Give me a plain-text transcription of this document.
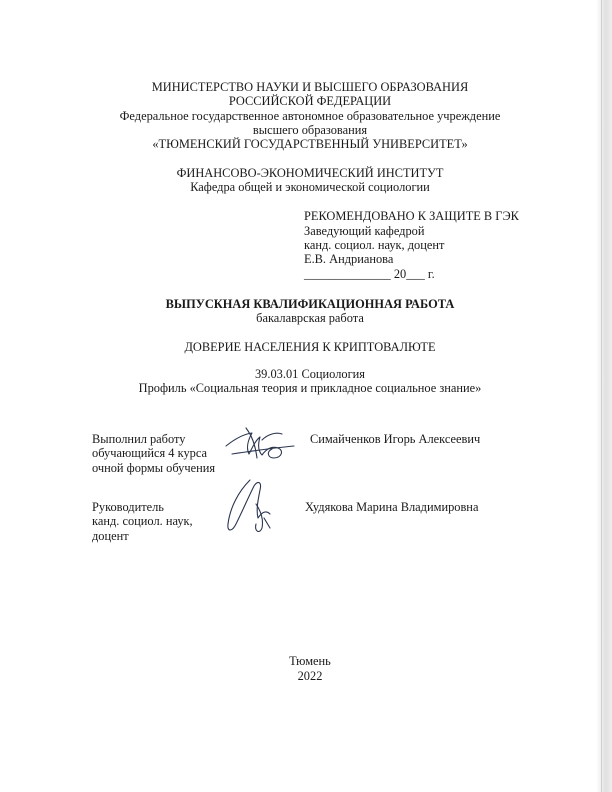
МИНИСТЕРСТВО НАУКИ И ВЫСШЕГО ОБРАЗОВАНИЯ
РОССИЙСКОЙ ФЕДЕРАЦИИ
Федеральное государственное автономное образовательное учреждение
высшего образования
«ТЮМЕНСКИЙ ГОСУДАРСТВЕННЫЙ УНИВЕРСИТЕТ»
ФИНАНСОВО-ЭКОНОМИЧЕСКИЙ ИНСТИТУТ
Кафедра общей и экономической социологии
РЕКОМЕНДОВАНО К ЗАЩИТЕ В ГЭК
Заведующий кафедрой
канд. социол. наук, доцент
Е.В. Андрианова
______________ 20___ г.
ВЫПУСКНАЯ КВАЛИФИКАЦИОННАЯ РАБОТА
бакалаврская работа
ДОВЕРИЕ НАСЕЛЕНИЯ К КРИПТОВАЛЮТЕ
39.03.01 Социология
Профиль «Социальная теория и прикладное социальное знание»
Выполнил работу
обучающийся 4 курса
очной формы обучения
Симайченков Игорь Алексеевич
Руководитель
канд. социол. наук,
доцент
Худякова Марина Владимировна
Тюмень
2022
